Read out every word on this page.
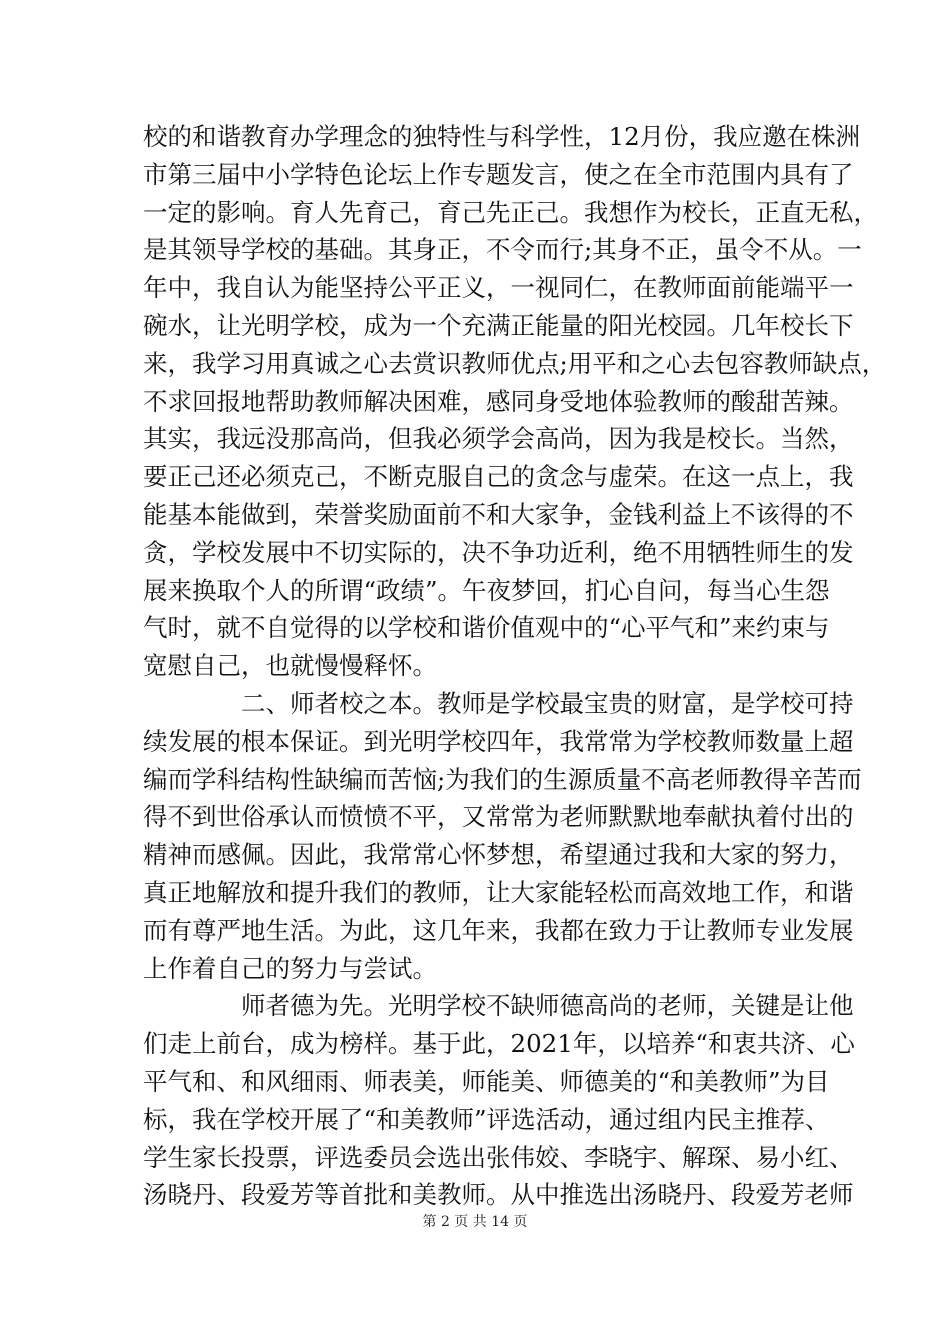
校的和谐教育办学理念的独特性与科学性，12月份，我应邀在株洲
市第三届中小学特色论坛上作专题发言，使之在全市范围内具有了
一定的影响。育人先育己，育己先正己。我想作为校长，正直无私，
是其领导学校的基础。其身正，不令而行;其身不正，虽令不从。一
年中，我自认为能坚持公平正义，一视同仁，在教师面前能端平一
碗水，让光明学校，成为一个充满正能量的阳光校园。几年校长下
来，我学习用真诚之心去赏识教师优点;用平和之心去包容教师缺点，
不求回报地帮助教师解决困难，感同身受地体验教师的酸甜苦辣。
其实，我远没那高尚，但我必须学会高尚，因为我是校长。当然，
要正己还必须克己，不断克服自己的贪念与虚荣。在这一点上，我
能基本能做到，荣誉奖励面前不和大家争，金钱利益上不该得的不
贪，学校发展中不切实际的，决不争功近利，绝不用牺牲师生的发
展来换取个人的所谓“政绩”。午夜梦回，扪心自问，每当心生怨
气时，就不自觉得的以学校和谐价值观中的“心平气和”来约束与
宽慰自己，也就慢慢释怀。
二、师者校之本。教师是学校最宝贵的财富，是学校可持
续发展的根本保证。到光明学校四年，我常常为学校教师数量上超
编而学科结构性缺编而苦恼;为我们的生源质量不高老师教得辛苦而
得不到世俗承认而愤愤不平，又常常为老师默默地奉献执着付出的
精神而感佩。因此，我常常心怀梦想，希望通过我和大家的努力，
真正地解放和提升我们的教师，让大家能轻松而高效地工作，和谐
而有尊严地生活。为此，这几年来，我都在致力于让教师专业发展
上作着自己的努力与尝试。
师者德为先。光明学校不缺师德高尚的老师，关键是让他
们走上前台，成为榜样。基于此，2021年，以培养“和衷共济、心
平气和、和风细雨、师表美，师能美、师德美的“和美教师”为目
标，我在学校开展了“和美教师”评选活动，通过组内民主推荐、
学生家长投票，评选委员会选出张伟姣、李晓宇、解琛、易小红、
汤晓丹、段爱芳等首批和美教师。从中推选出汤晓丹、段爱芳老师
第 2 页 共 14 页
